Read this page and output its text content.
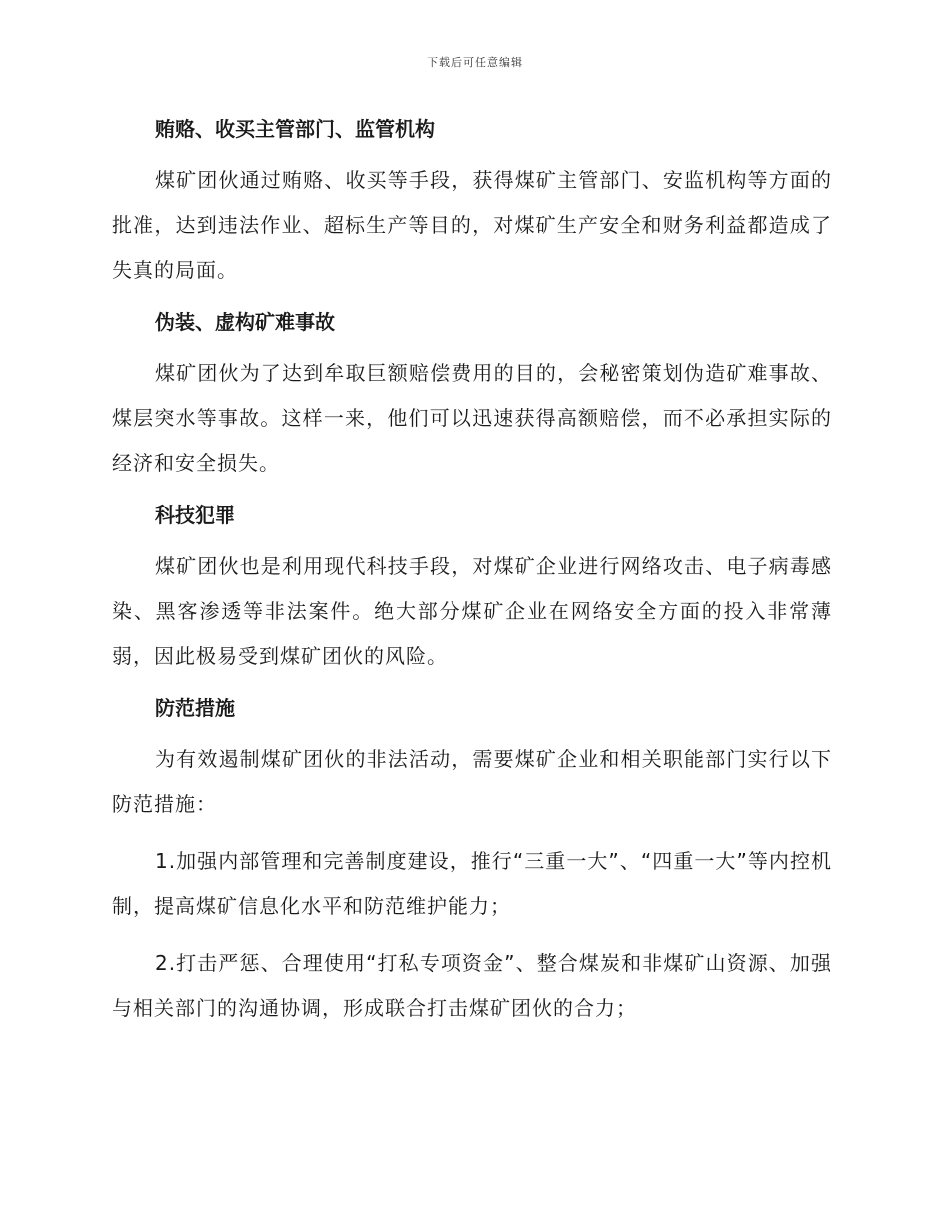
下载后可任意编辑
贿赂、收买主管部门、监管机构

煤矿团伙通过贿赂、收买等手段，获得煤矿主管部门、安监机构等方面的批准，达到违法作业、超标生产等目的，对煤矿生产安全和财务利益都造成了失真的局面。

伪装、虚构矿难事故

煤矿团伙为了达到牟取巨额赔偿费用的目的，会秘密策划伪造矿难事故、煤层突水等事故。这样一来，他们可以迅速获得高额赔偿，而不必承担实际的经济和安全损失。

科技犯罪

煤矿团伙也是利用现代科技手段，对煤矿企业进行网络攻击、电子病毒感染、黑客渗透等非法案件。绝大部分煤矿企业在网络安全方面的投入非常薄弱，因此极易受到煤矿团伙的风险。

防范措施

为有效遏制煤矿团伙的非法活动，需要煤矿企业和相关职能部门实行以下防范措施：

1.加强内部管理和完善制度建设，推行“三重一大”、“四重一大”等内控机制，提高煤矿信息化水平和防范维护能力；

2.打击严惩、合理使用“打私专项资金”、整合煤炭和非煤矿山资源、加强与相关部门的沟通协调，形成联合打击煤矿团伙的合力；
